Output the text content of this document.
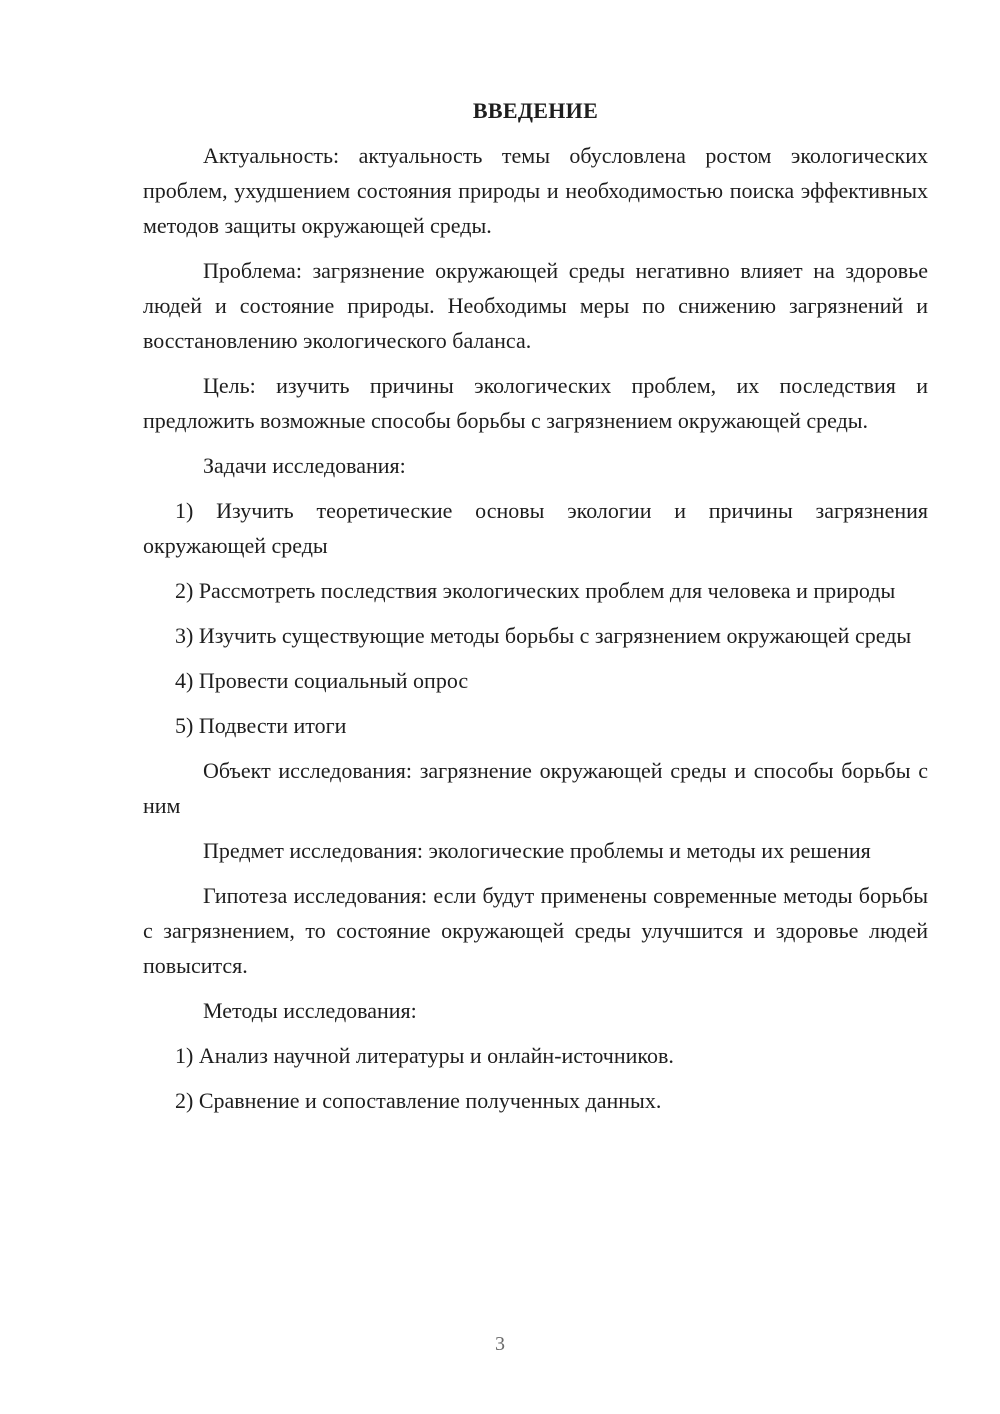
ВВЕДЕНИЕ

Актуальность: актуальность темы обусловлена ростом экологических проблем, ухудшением состояния природы и необходимостью поиска эффективных методов защиты окружающей среды.

Проблема: загрязнение окружающей среды негативно влияет на здоровье людей и состояние природы. Необходимы меры по снижению загрязнений и восстановлению экологического баланса.

Цель: изучить причины экологических проблем, их последствия и предложить возможные способы борьбы с загрязнением окружающей среды.

Задачи исследования:

1) Изучить теоретические основы экологии и причины загрязнения окружающей среды

2) Рассмотреть последствия экологических проблем для человека и природы

3) Изучить существующие методы борьбы с загрязнением окружающей среды

4) Провести социальный опрос

5) Подвести итоги

Объект исследования: загрязнение окружающей среды и способы борьбы с ним

Предмет исследования: экологические проблемы и методы их решения

Гипотеза исследования: если будут применены современные методы борьбы с загрязнением, то состояние окружающей среды улучшится и здоровье людей повысится.

Методы исследования:

1) Анализ научной литературы и онлайн-источников.

2) Сравнение и сопоставление полученных данных.

3
